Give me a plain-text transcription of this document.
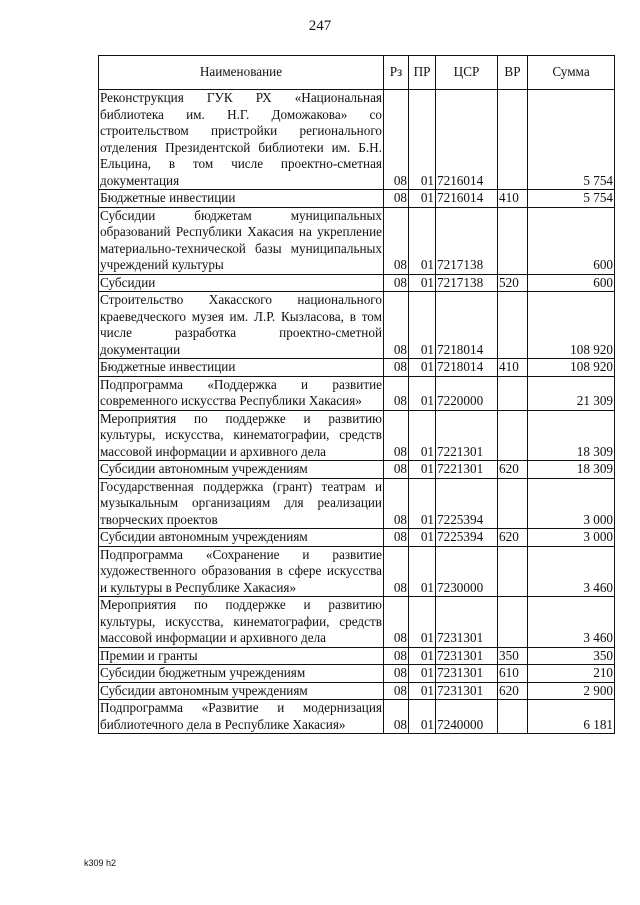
247
Наименование	Рз	ПР	ЦСР	ВР	Сумма
Реконструкция ГУК РХ «Национальная библиотека им. Н.Г. Доможакова» со строительством пристройки регионального отделения Президентской библиотеки им. Б.Н. Ельцина, в том числе проектно-сметная документация	08	01	7216014		5 754
Бюджетные инвестиции	08	01	7216014	410	5 754
Субсидии бюджетам муниципальных образований Республики Хакасия на укрепление материально-технической базы муниципальных учреждений культуры	08	01	7217138		600
Субсидии	08	01	7217138	520	600
Строительство Хакасского национального краеведческого музея им. Л.Р. Кызласова, в том числе разработка проектно-сметной документации	08	01	7218014		108 920
Бюджетные инвестиции	08	01	7218014	410	108 920
Подпрограмма «Поддержка и развитие современного искусства Республики Хакасия»	08	01	7220000		21 309
Мероприятия по поддержке и развитию культуры, искусства, кинематографии, средств массовой информации и архивного дела	08	01	7221301		18 309
Субсидии автономным учреждениям	08	01	7221301	620	18 309
Государственная поддержка (грант) театрам и музыкальным организациям для реализации творческих проектов	08	01	7225394		3 000
Субсидии автономным учреждениям	08	01	7225394	620	3 000
Подпрограмма «Сохранение и развитие художественного образования в сфере искусства и культуры в Республике Хакасия»	08	01	7230000		3 460
Мероприятия по поддержке и развитию культуры, искусства, кинематографии, средств массовой информации и архивного дела	08	01	7231301		3 460
Премии и гранты	08	01	7231301	350	350
Субсидии бюджетным учреждениям	08	01	7231301	610	210
Субсидии автономным учреждениям	08	01	7231301	620	2 900
Подпрограмма «Развитие и модернизация библиотечного дела в Республике Хакасия»	08	01	7240000		6 181
k309 h2
